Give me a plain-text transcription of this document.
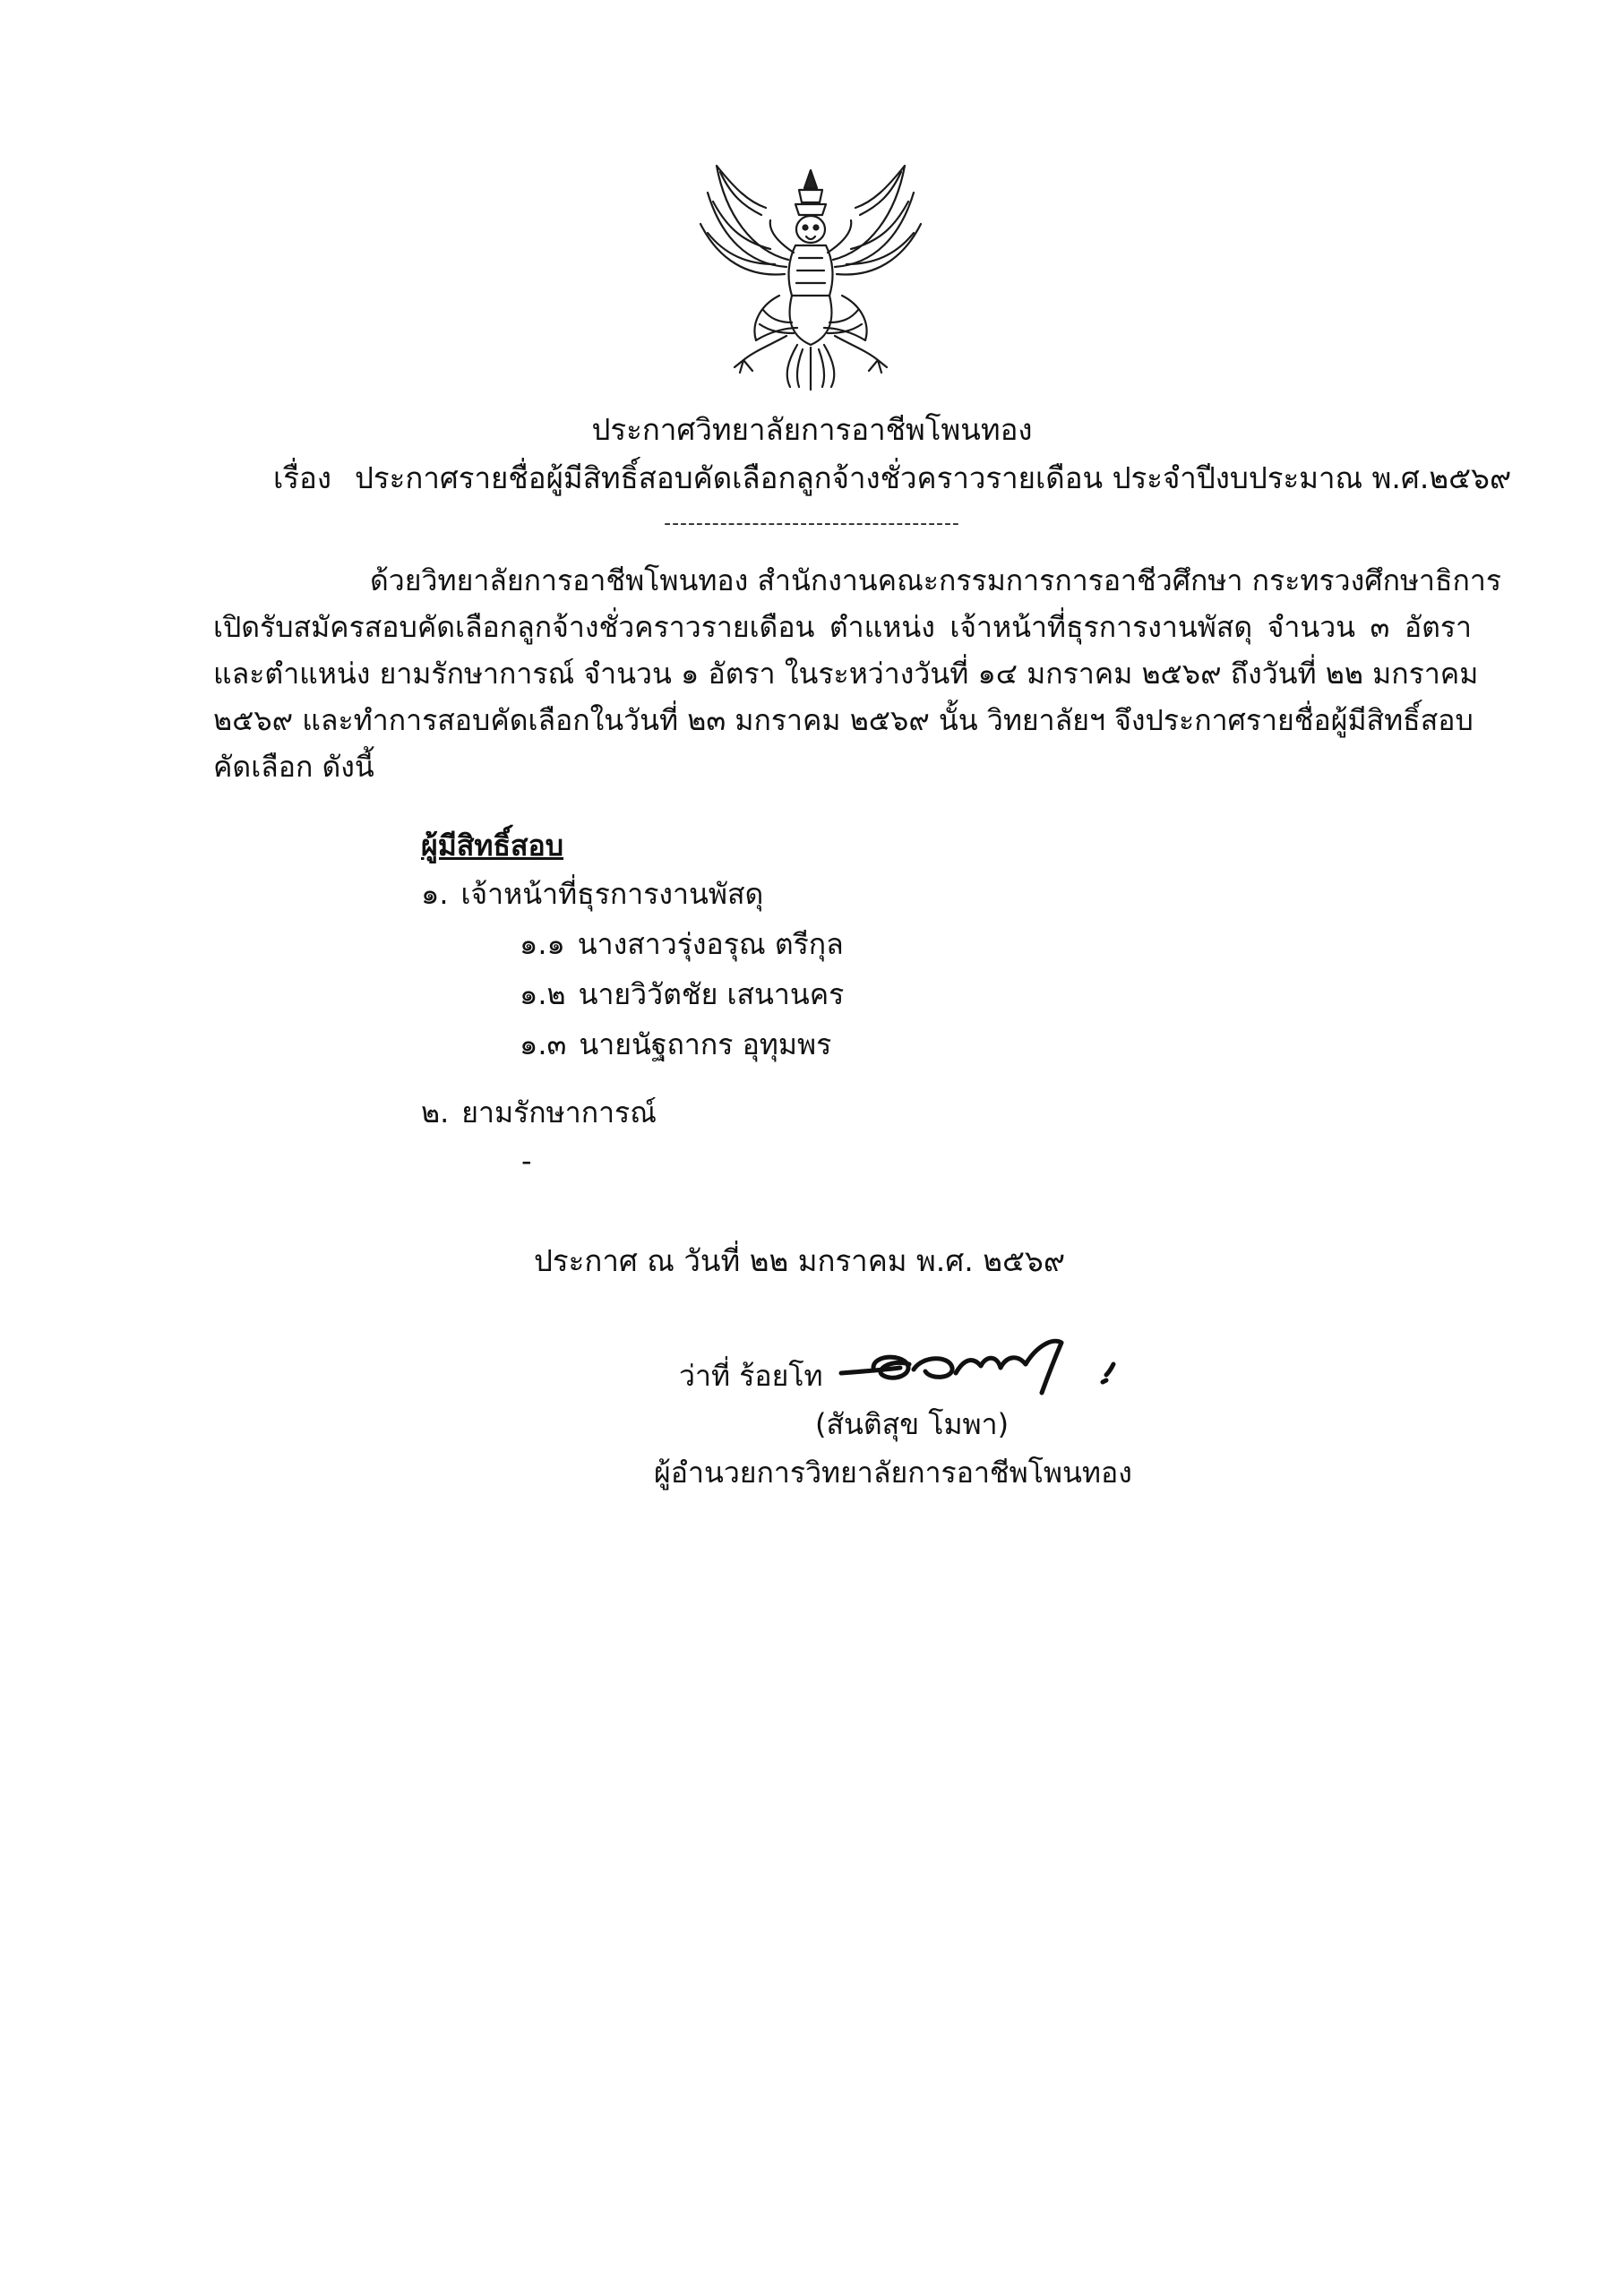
ประกาศวิทยาลัยการอาชีพโพนทอง
เรื่อง ประกาศรายชื่อผู้มีสิทธิ์สอบคัดเลือกลูกจ้างชั่วคราวรายเดือน ประจำปีงบประมาณ พ.ศ.๒๕๖๙
-------------------------------------
ด้วยวิทยาลัยการอาชีพโพนทอง สำนักงานคณะกรรมการการอาชีวศึกษา กระทรวงศึกษาธิการ
เปิดรับสมัครสอบคัดเลือกลูกจ้างชั่วคราวรายเดือน ตำแหน่ง เจ้าหน้าที่ธุรการงานพัสดุ จำนวน ๓ อัตรา
และตำแหน่ง ยามรักษาการณ์ จำนวน ๑ อัตรา ในระหว่างวันที่ ๑๔ มกราคม ๒๕๖๙ ถึงวันที่ ๒๒ มกราคม
๒๕๖๙ และทำการสอบคัดเลือกในวันที่ ๒๓ มกราคม ๒๕๖๙ นั้น วิทยาลัยฯ จึงประกาศรายชื่อผู้มีสิทธิ์สอบ
คัดเลือก ดังนี้
ผู้มีสิทธิ์สอบ
๑. เจ้าหน้าที่ธุรการงานพัสดุ
๑.๑ นางสาวรุ่งอรุณ ตรีกุล
๑.๒ นายวิวัตชัย เสนานคร
๑.๓ นายนัฐถากร อุทุมพร
๒. ยามรักษาการณ์
-
ประกาศ ณ วันที่ ๒๒ มกราคม พ.ศ. ๒๕๖๙
ว่าที่ ร้อยโท
(สันติสุข โมพา)
ผู้อำนวยการวิทยาลัยการอาชีพโพนทอง
